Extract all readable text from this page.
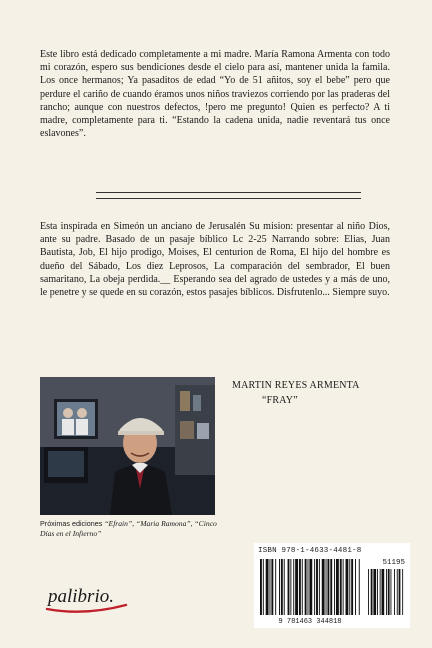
Este libro está dedicado completamente a mi madre. María Ramona Armenta con todo mi corazón, espero sus bendiciones desde el cielo para así, mantener unida la famila. Los once hermanos; Ya pasaditos de edad “Yo de 51 añitos, soy el bebe” pero que perdure el cariño de cuando éramos unos niños traviezos corriendo por las praderas del rancho; aunque con nuestros defectos, !pero me pregunto! Quien es perfecto? A ti madre, completamente para ti. “Estando la cadena unida, nadie reventará tus once eslavones”.

Esta inspirada en Simeón un anciano de Jerusalén Su mision: presentar al niño Dios, ante su padre. Basado de un pasaje bíblico Lc 2-25 Narrando sobre: Elias, Juan Bautista, Job, El hijo prodigo, Moises, El centurion de Roma, El hijo del hombre es dueño del Sábado, Los diez Leprosos, La comparación del sembrador, El buen samaritano, La obeja perdida.__ Esperando sea del agrado de ustedes y a más de uno, le penetre y se quede en su corazón, estos pasajes bíblicos. Disfrutenlo... Siempre suyo.

MARTIN REYES ARMENTA
“FRAY”
Próximas ediciones “Efrain”, “Maria Ramona”, “Cinco Días en el Infierno”
ISBN 978-1-4633-4481-8
51195
9 781463 344818
palibrio.
